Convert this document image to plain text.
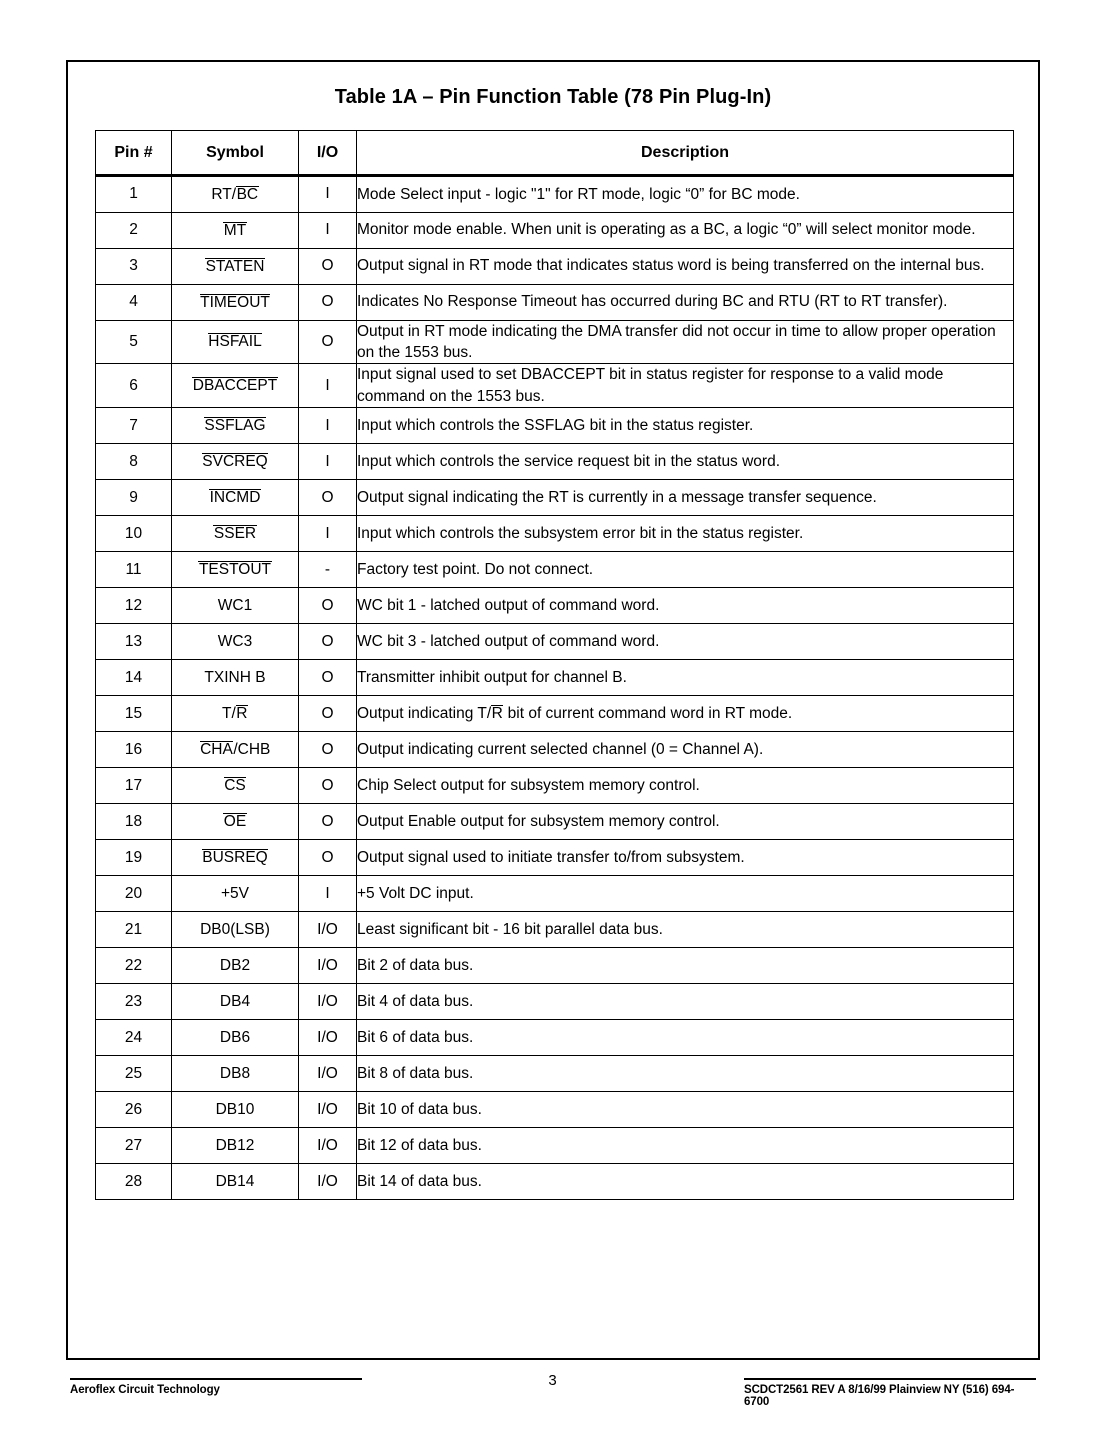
Table 1A – Pin Function Table (78 Pin Plug-In)
Pin #	Symbol	I/O	Description

1	RT/BC	I	Mode Select input - logic "1" for RT mode, logic “0” for BC mode.
2	MT	I	Monitor mode enable. When unit is operating as a BC, a logic “0” will select monitor mode.
3	STATEN	O	Output signal in RT mode that indicates status word is being transferred on the internal bus.
4	TIMEOUT	O	Indicates No Response Timeout has occurred during BC and RTU (RT to RT transfer).
5	HSFAIL	O	Output in RT mode indicating the DMA transfer did not occur in time to allow proper operation on the 1553 bus.
6	DBACCEPT	I	Input signal used to set DBACCEPT bit in status register for response to a valid mode command on the 1553 bus.
7	SSFLAG	I	Input which controls the SSFLAG bit in the status register.
8	SVCREQ	I	Input which controls the service request bit in the status word.
9	INCMD	O	Output signal indicating the RT is currently in a message transfer sequence.
10	SSER	I	Input which controls the subsystem error bit in the status register.
11	TESTOUT	-	Factory test point. Do not connect.
12	WC1	O	WC bit 1 - latched output of command word.
13	WC3	O	WC bit 3 - latched output of command word.
14	TXINH B	O	Transmitter inhibit output for channel B.
15	T/R	O	Output indicating T/R bit of current command word in RT mode.
16	CHA/CHB	O	Output indicating current selected channel (0 = Channel A).
17	CS	O	Chip Select output for subsystem memory control.
18	OE	O	Output Enable output for subsystem memory control.
19	BUSREQ	O	Output signal used to initiate transfer to/from subsystem.
20	+5V	I	+5 Volt DC input.
21	DB0(LSB)	I/O	Least significant bit - 16 bit parallel data bus.
22	DB2	I/O	Bit 2 of data bus.
23	DB4	I/O	Bit 4 of data bus.
24	DB6	I/O	Bit 6 of data bus.
25	DB8	I/O	Bit 8 of data bus.
26	DB10	I/O	Bit 10 of data bus.
27	DB12	I/O	Bit 12 of data bus.
28	DB14	I/O	Bit 14 of data bus.
Aeroflex Circuit Technology
3
SCDCT2561 REV A 8/16/99 Plainview NY (516) 694-6700
